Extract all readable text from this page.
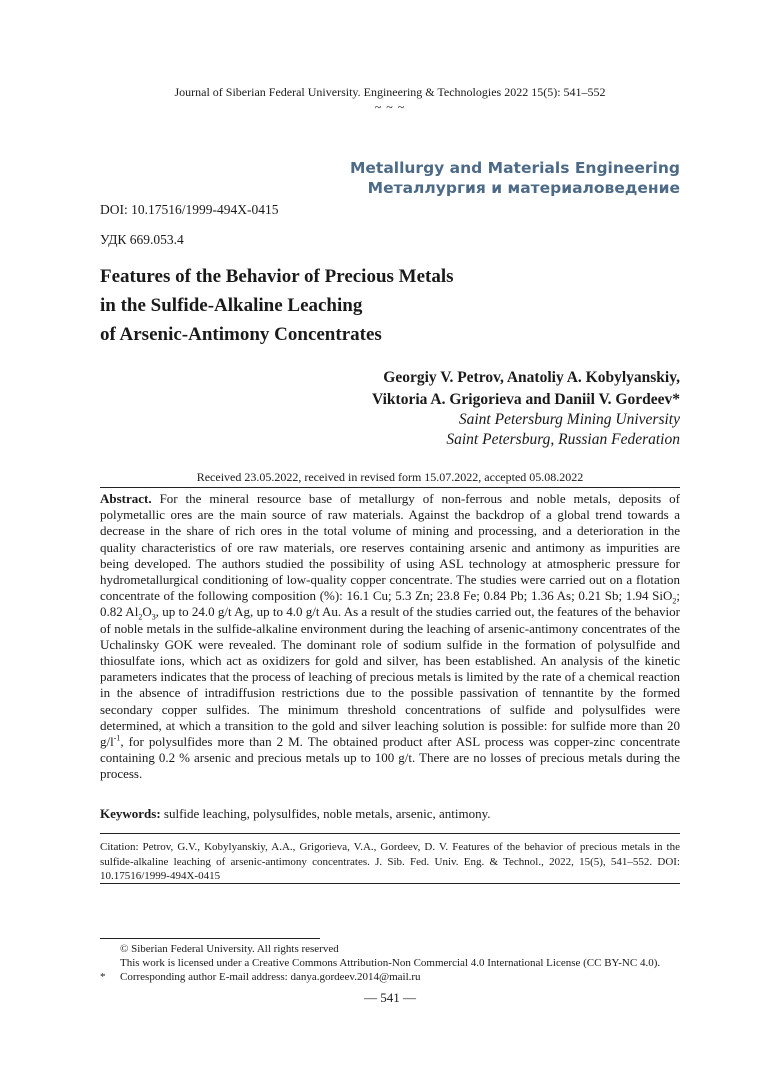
Journal of Siberian Federal University. Engineering & Technologies 2022 15(5): 541–552
~ ~ ~
Metallurgy and Materials Engineering
Металлургия и материаловедение
DOI: 10.17516/1999-494X-0415
УДК 669.053.4
Features of the Behavior of Precious Metals
in the Sulfide-Alkaline Leaching
of Arsenic-Antimony Concentrates
Georgiy V. Petrov, Anatoliy A. Kobylyanskiy,
Viktoria A. Grigorieva and Daniil V. Gordeev*
Saint Petersburg Mining University
Saint Petersburg, Russian Federation
Received 23.05.2022, received in revised form 15.07.2022, accepted 05.08.2022
Abstract. For the mineral resource base of metallurgy of non-ferrous and noble metals, deposits of polymetallic ores are the main source of raw materials. Against the backdrop of a global trend towards a decrease in the share of rich ores in the total volume of mining and processing, and a deterioration in the quality characteristics of ore raw materials, ore reserves containing arsenic and antimony as impurities are being developed. The authors studied the possibility of using ASL technology at atmospheric pressure for hydrometallurgical conditioning of low-quality copper concentrate. The studies were carried out on a flotation concentrate of the following composition (%): 16.1 Cu; 5.3 Zn; 23.8 Fe; 0.84 Pb; 1.36 As; 0.21 Sb; 1.94 SiO$_2$; 0.82 $Al_2O_3$, up to 24.0 g/t Ag, up to 4.0 g/t Au. As a result of the studies carried out, the features of the behavior of noble metals in the sulfide-alkaline environment during the leaching of arsenic-antimony concentrates of the Uchalinsky GOK were revealed. The dominant role of sodium sulfide in the formation of polysulfide and thiosulfate ions, which act as oxidizers for gold and silver, has been established. An analysis of the kinetic parameters indicates that the process of leaching of precious metals is limited by the rate of a chemical reaction in the absence of intradiffusion restrictions due to the possible passivation of tennantite by the formed secondary copper sulfides. The minimum threshold concentrations of sulfide and polysulfides were determined, at which a transition to the gold and silver leaching solution is possible: for sulfide more than 20 $g/l^{-1}$, for polysulfides more than 2 M. The obtained product after ASL process was copper-zinc concentrate containing 0.2 % arsenic and precious metals up to 100 g/t. There are no losses of precious metals during the process.
Keywords: sulfide leaching, polysulfides, noble metals, arsenic, antimony.
Citation: Petrov, G.V., Kobylyanskiy, A.A., Grigorieva, V.A., Gordeev, D. V. Features of the behavior of precious metals in the sulfide-alkaline leaching of arsenic-antimony concentrates. J. Sib. Fed. Univ. Eng. & Technol., 2022, 15(5), 541–552. DOI: 10.17516/1999-494X-0415
© Siberian Federal University. All rights reserved
This work is licensed under a Creative Commons Attribution-Non Commercial 4.0 International License (CC BY-NC 4.0).
* Corresponding author E-mail address: danya.gordeev.2014@mail.ru
— 541 —
